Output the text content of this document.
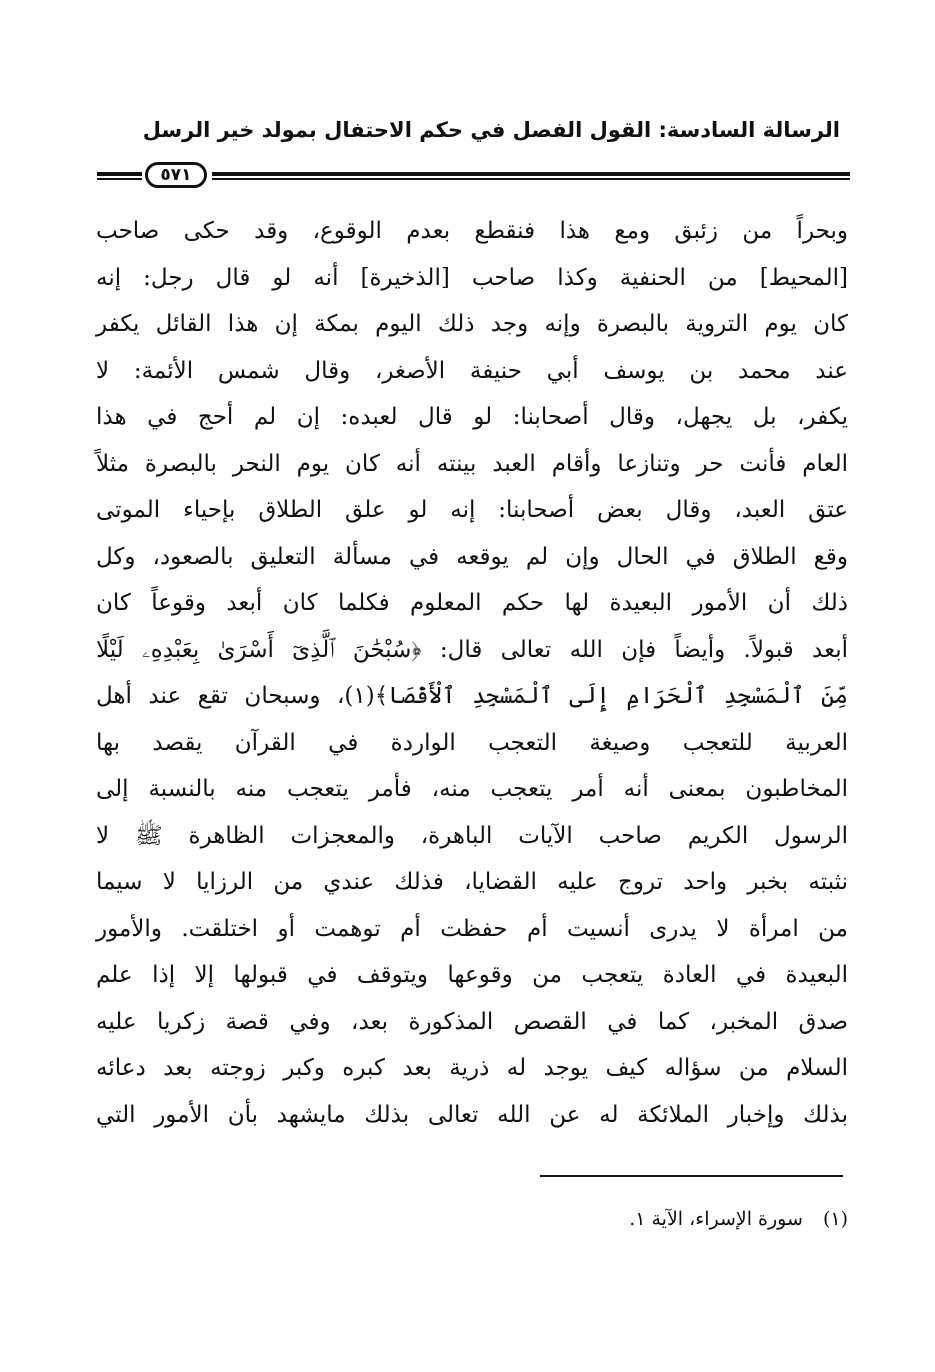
الرسالة السادسة: القول الفصل في حكم الاحتفال بمولد خير الرسل
٥٧١
وبحراً من زئبق ومع هذا فنقطع بعدم الوقوع، وقد حكى صاحب
[المحيط] من الحنفية وكذا صاحب [الذخيرة] أنه لو قال رجل: إنه
كان يوم التروية بالبصرة وإنه وجد ذلك اليوم بمكة إن هذا القائل يكفر
عند محمد بن يوسف أبي حنيفة الأصغر، وقال شمس الأئمة: لا
يكفر، بل يجهل، وقال أصحابنا: لو قال لعبده: إن لم أحج في هذا
العام فأنت حر وتنازعا وأقام العبد بينته أنه كان يوم النحر بالبصرة مثلاً
عتق العبد، وقال بعض أصحابنا: إنه لو علق الطلاق بإحياء الموتى
وقع الطلاق في الحال وإن لم يوقعه في مسألة التعليق بالصعود، وكل
ذلك أن الأمور البعيدة لها حكم المعلوم فكلما كان أبعد وقوعاً كان
أبعد قبولاً. وأيضاً فإن الله تعالى قال: ﴿سُبْحَٰنَ ٱلَّذِىٓ أَسْرَىٰ بِعَبْدِهِۦ لَيْلًا
مِّنَ ٱلْمَسْجِدِ ٱلْحَرَامِ إِلَى ٱلْمَسْجِدِ ٱلْأَقْصَا﴾(١)، وسبحان تقع عند أهل
العربية للتعجب وصيغة التعجب الواردة في القرآن يقصد بها
المخاطبون بمعنى أنه أمر يتعجب منه، فأمر يتعجب منه بالنسبة إلى
الرسول الكريم صاحب الآيات الباهرة، والمعجزات الظاهرة ﷺ لا
نثبته بخبر واحد تروج عليه القضايا، فذلك عندي من الرزايا لا سيما
من امرأة لا يدرى أنسيت أم حفظت أم توهمت أو اختلقت. والأمور
البعيدة في العادة يتعجب من وقوعها ويتوقف في قبولها إلا إذا علم
صدق المخبر، كما في القصص المذكورة بعد، وفي قصة زكريا عليه
السلام من سؤاله كيف يوجد له ذرية بعد كبره وكبر زوجته بعد دعائه
بذلك وإخبار الملائكة له عن الله تعالى بذلك مايشهد بأن الأمور التي
(١) سورة الإسراء، الآية ١.
